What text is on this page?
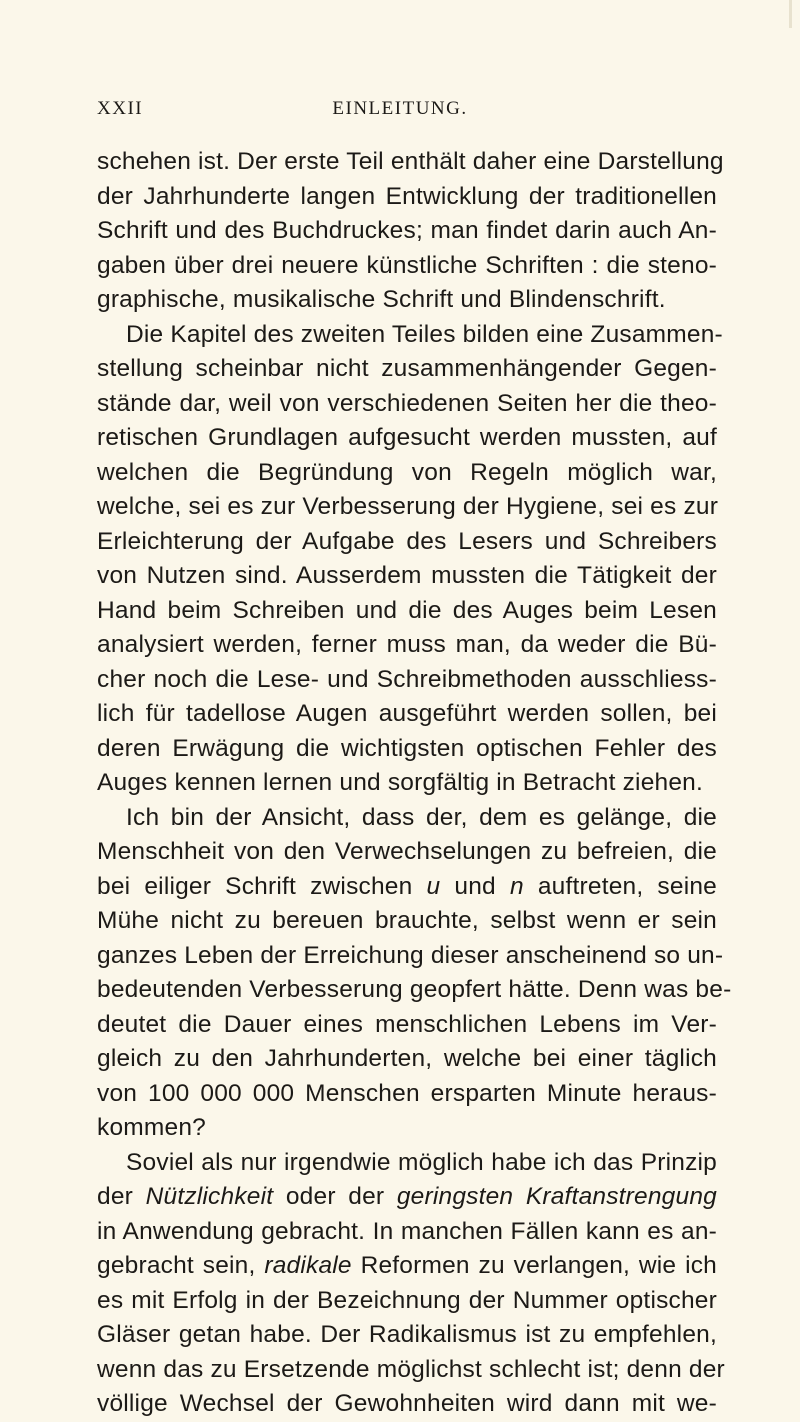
XXII	EINLEITUNG.
schehen ist. Der erste Teil enthält daher eine Darstellung
der Jahrhunderte langen Entwicklung der traditionellen
Schrift und des Buchdruckes; man findet darin auch An-
gaben über drei neuere künstliche Schriften : die steno-
graphische, musikalische Schrift und Blindenschrift.
Die Kapitel des zweiten Teiles bilden eine Zusammen-
stellung scheinbar nicht zusammenhängender Gegen-
stände dar, weil von verschiedenen Seiten her die theo-
retischen Grundlagen aufgesucht werden mussten, auf
welchen die Begründung von Regeln möglich war,
welche, sei es zur Verbesserung der Hygiene, sei es zur
Erleichterung der Aufgabe des Lesers und Schreibers
von Nutzen sind. Ausserdem mussten die Tätigkeit der
Hand beim Schreiben und die des Auges beim Lesen
analysiert werden, ferner muss man, da weder die Bü-
cher noch die Lese- und Schreibmethoden ausschliess-
lich für tadellose Augen ausgeführt werden sollen, bei
deren Erwägung die wichtigsten optischen Fehler des
Auges kennen lernen und sorgfältig in Betracht ziehen.
Ich bin der Ansicht, dass der, dem es gelänge, die
Menschheit von den Verwechselungen zu befreien, die
bei eiliger Schrift zwischen u und n auftreten, seine
Mühe nicht zu bereuen brauchte, selbst wenn er sein
ganzes Leben der Erreichung dieser anscheinend so un-
bedeutenden Verbesserung geopfert hätte. Denn was be-
deutet die Dauer eines menschlichen Lebens im Ver-
gleich zu den Jahrhunderten, welche bei einer täglich
von 100 000 000 Menschen ersparten Minute heraus-
kommen?
Soviel als nur irgendwie möglich habe ich das Prinzip
der Nützlichkeit oder der geringsten Kraftanstrengung
in Anwendung gebracht. In manchen Fällen kann es an-
gebracht sein, radikale Reformen zu verlangen, wie ich
es mit Erfolg in der Bezeichnung der Nummer optischer
Gläser getan habe. Der Radikalismus ist zu empfehlen,
wenn das zu Ersetzende möglichst schlecht ist; denn der
völlige Wechsel der Gewohnheiten wird dann mit we-
